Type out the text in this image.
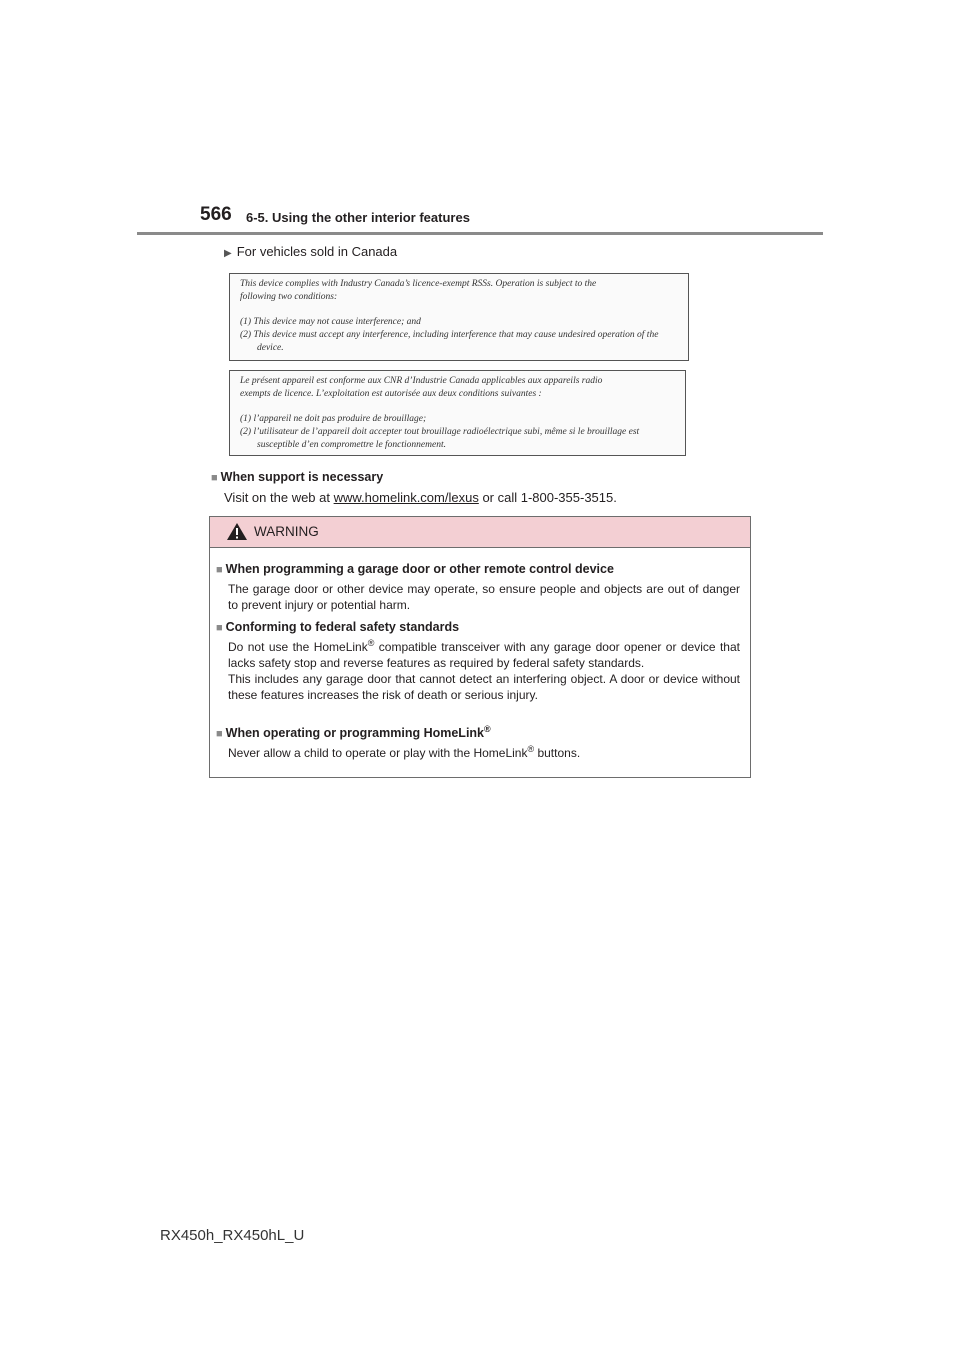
566 6-5. Using the other interior features
▶ For vehicles sold in Canada

This device complies with Industry Canada’s licence-exempt RSSs. Operation is subject to the

following two conditions:

(1) This device may not cause interference; and

(2) This device must accept any interference, including interference that may cause undesired operation of the device.

Le présent appareil est conforme aux CNR d’Industrie Canada applicables aux appareils radio

exempts de licence. L’exploitation est autorisée aux deux conditions suivantes :

(1) l’appareil ne doit pas produire de brouillage;

(2) l’utilisateur de l’appareil doit accepter tout brouillage radioélectrique subi, même si le brouillage est susceptible d’en compromettre le fonctionnement.

■ When support is necessary
Visit on the web at www.homelink.com/lexus or call 1-800-355-3515.
WARNING
■ When programming a garage door or other remote control device
The garage door or other device may operate, so ensure people and objects are out of danger to prevent injury or potential harm.
■ Conforming to federal safety standards
Do not use the HomeLink® compatible transceiver with any garage door opener or device that lacks safety stop and reverse features as required by federal safety standards.
This includes any garage door that cannot detect an interfering object. A door or device without these features increases the risk of death or serious injury.
■ When operating or programming HomeLink®
Never allow a child to operate or play with the HomeLink® buttons.
RX450h_RX450hL_U
